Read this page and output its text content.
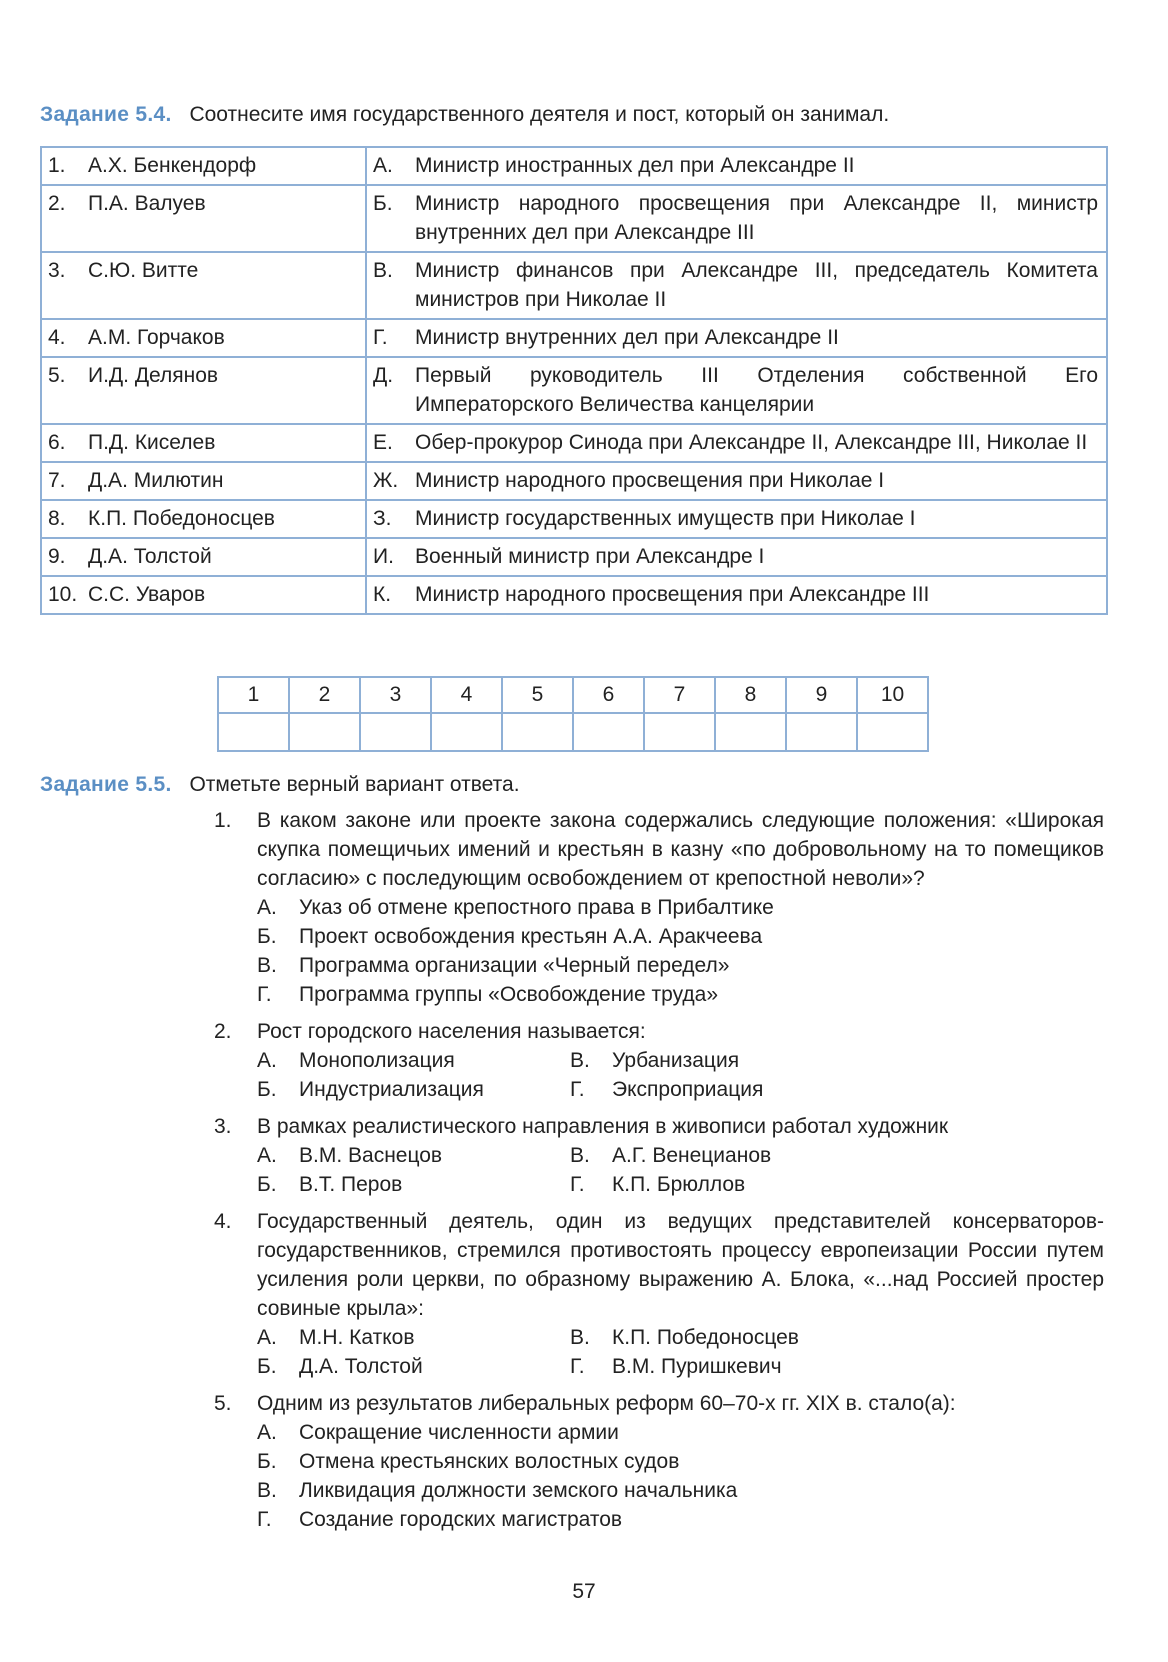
Задание 5.4. Соотнесите имя государственного деятеля и пост, который он занимал.
1. А.Х. Бенкендорф	А. Министр иностранных дел при Александре II

2. П.А. Валуев	Б. Министр народного просвещения при Александре II, министр внутренних дел при Александре III

3. С.Ю. Витте	В. Министр финансов при Александре III, председатель Комитета министров при Николае II

4. А.М. Горчаков	Г. Министр внутренних дел при Александре II

5. И.Д. Делянов	Д. Первый руководитель III Отделения собственной Его Императорского Величества канцелярии

6. П.Д. Киселев	Е. Обер-прокурор Синода при Александре II, Александре III, Николае II

7. Д.А. Милютин	Ж. Министр народного просвещения при Николае I

8. К.П. Победоносцев	З. Министр государственных имуществ при Николае I

9. Д.А. Толстой	И. Военный министр при Александре I

10. С.С. Уваров	К. Министр народного просвещения при Александре III
1	2	3	4	5	6	7	8	9	10

Задание 5.5. Отметьте верный вариант ответа.
1.	В каком законе или проекте закона содержались следующие положения: «Широкая скупка помещичьих имений и крестьян в казну «по добровольному на то помещиков согласию» с последующим освобождением от крепостной неволи»?
А.	Указ об отмене крепостного права в Прибалтике
Б.	Проект освобождения крестьян А.А. Аракчеева
В.	Программа организации «Черный передел»
Г.	Программа группы «Освобождение труда»
2.	Рост городского населения называется:
А.	Монополизация	В.	Урбанизация
Б.	Индустриализация	Г.	Экспроприация
3.	В рамках реалистического направления в живописи работал художник
А.	В.М. Васнецов	В.	А.Г. Венецианов
Б.	В.Т. Перов	Г.	К.П. Брюллов
4.	Государственный деятель, один из ведущих представителей консерваторов-государственников, стремился противостоять процессу европеизации России путем усиления роли церкви, по образному выражению А. Блока, «...над Россией простер совиные крыла»:
А.	М.Н. Катков	В.	К.П. Победоносцев
Б.	Д.А. Толстой	Г.	В.М. Пуришкевич
5.	Одним из результатов либеральных реформ 60–70-х гг. XIX в. стало(а):
А.	Сокращение численности армии
Б.	Отмена крестьянских волостных судов
В.	Ликвидация должности земского начальника
Г.	Создание городских магистратов
57
